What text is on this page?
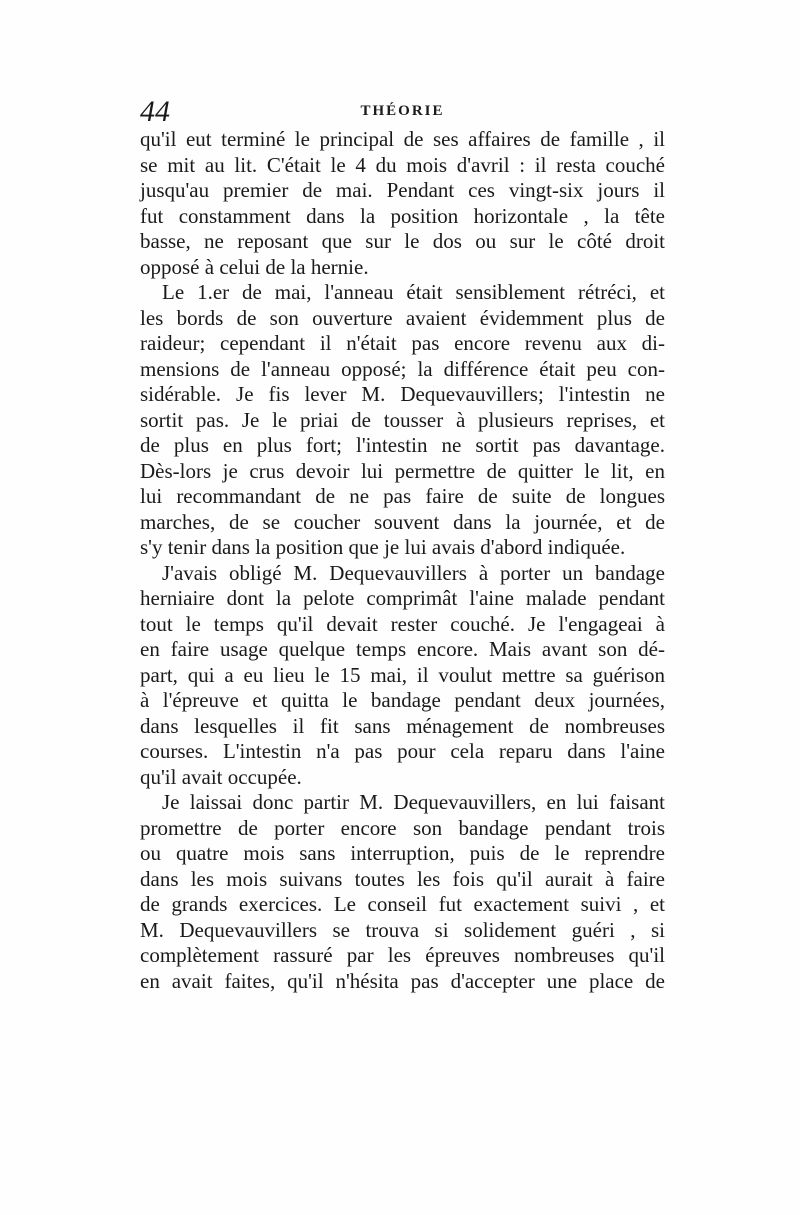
44	THÉORIE
qu'il eut terminé le principal de ses affaires de famille , il
se mit au lit. C'était le 4 du mois d'avril : il resta couché
jusqu'au premier de mai. Pendant ces vingt-six jours il
fut constamment dans la position horizontale , la tête
basse, ne reposant que sur le dos ou sur le côté droit
opposé à celui de la hernie.
Le 1.er de mai, l'anneau était sensiblement rétréci, et
les bords de son ouverture avaient évidemment plus de
raideur; cependant il n'était pas encore revenu aux di-
mensions de l'anneau opposé; la différence était peu con-
sidérable. Je fis lever M. Dequevauvillers; l'intestin ne
sortit pas. Je le priai de tousser à plusieurs reprises, et
de plus en plus fort; l'intestin ne sortit pas davantage.
Dès-lors je crus devoir lui permettre de quitter le lit, en
lui recommandant de ne pas faire de suite de longues
marches, de se coucher souvent dans la journée, et de
s'y tenir dans la position que je lui avais d'abord indiquée.
J'avais obligé M. Dequevauvillers à porter un bandage
herniaire dont la pelote comprimât l'aine malade pendant
tout le temps qu'il devait rester couché. Je l'engageai à
en faire usage quelque temps encore. Mais avant son dé-
part, qui a eu lieu le 15 mai, il voulut mettre sa guérison
à l'épreuve et quitta le bandage pendant deux journées,
dans lesquelles il fit sans ménagement de nombreuses
courses. L'intestin n'a pas pour cela reparu dans l'aine
qu'il avait occupée.
Je laissai donc partir M. Dequevauvillers, en lui faisant
promettre de porter encore son bandage pendant trois
ou quatre mois sans interruption, puis de le reprendre
dans les mois suivans toutes les fois qu'il aurait à faire
de grands exercices. Le conseil fut exactement suivi , et
M. Dequevauvillers se trouva si solidement guéri , si
complètement rassuré par les épreuves nombreuses qu'il
en avait faites, qu'il n'hésita pas d'accepter une place de
